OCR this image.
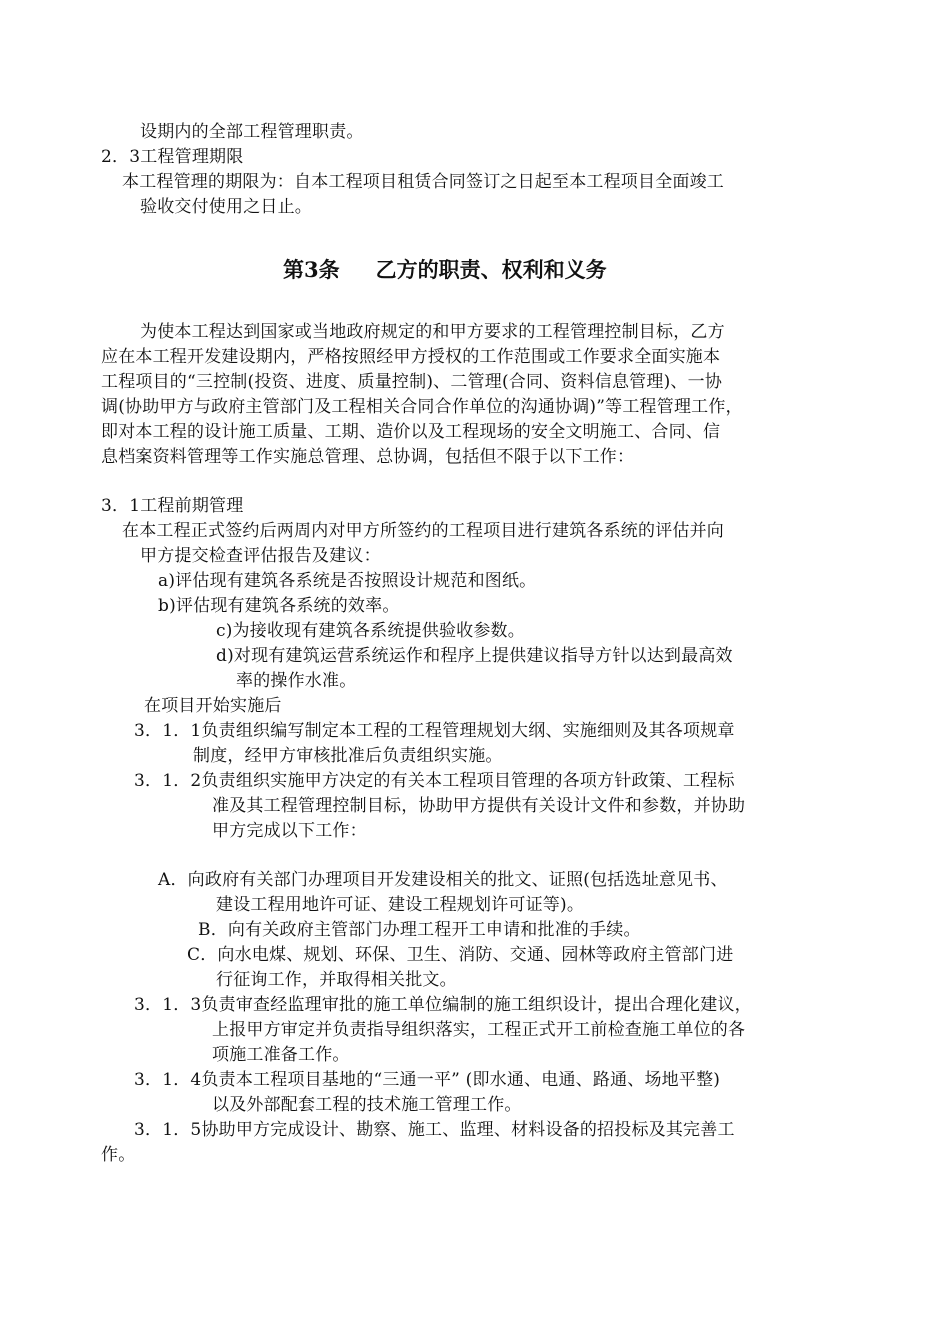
设期内的全部工程管理职责。
2．3工程管理期限
本工程管理的期限为：自本工程项目租赁合同签订之日起至本工程项目全面竣工
验收交付使用之日止。
第3条 乙方的职责、权利和义务
为使本工程达到国家或当地政府规定的和甲方要求的工程管理控制目标，乙方
应在本工程开发建设期内，严格按照经甲方授权的工作范围或工作要求全面实施本
工程项目的“三控制(投资、进度、质量控制)、二管理(合同、资料信息管理)、一协
调(协助甲方与政府主管部门及工程相关合同合作单位的沟通协调)”等工程管理工作，
即对本工程的设计施工质量、工期、造价以及工程现场的安全文明施工、合同、信
息档案资料管理等工作实施总管理、总协调，包括但不限于以下工作：
3．1工程前期管理
在本工程正式签约后两周内对甲方所签约的工程项目进行建筑各系统的评估并向
甲方提交检查评估报告及建议：
a)评估现有建筑各系统是否按照设计规范和图纸。
b)评估现有建筑各系统的效率。
c)为接收现有建筑各系统提供验收参数。
d)对现有建筑运营系统运作和程序上提供建议指导方针以达到最高效
率的操作水准。
在项目开始实施后
3．1．1负责组织编写制定本工程的工程管理规划大纲、实施细则及其各项规章
制度，经甲方审核批准后负责组织实施。
3．1．2负责组织实施甲方决定的有关本工程项目管理的各项方针政策、工程标
准及其工程管理控制目标，协助甲方提供有关设计文件和参数，并协助
甲方完成以下工作：
A．向政府有关部门办理项目开发建设相关的批文、证照(包括选址意见书、
建设工程用地许可证、建设工程规划许可证等)。
B．向有关政府主管部门办理工程开工申请和批准的手续。
C．向水电煤、规划、环保、卫生、消防、交通、园林等政府主管部门进
行征询工作，并取得相关批文。
3．1．3负责审查经监理审批的施工单位编制的施工组织设计，提出合理化建议，
上报甲方审定并负责指导组织落实，工程正式开工前检查施工单位的各
项施工准备工作。
3．1．4负责本工程项目基地的“三通一平” (即水通、电通、路通、场地平整)
以及外部配套工程的技术施工管理工作。
3．1．5协助甲方完成设计、勘察、施工、监理、材料设备的招投标及其完善工
作。
